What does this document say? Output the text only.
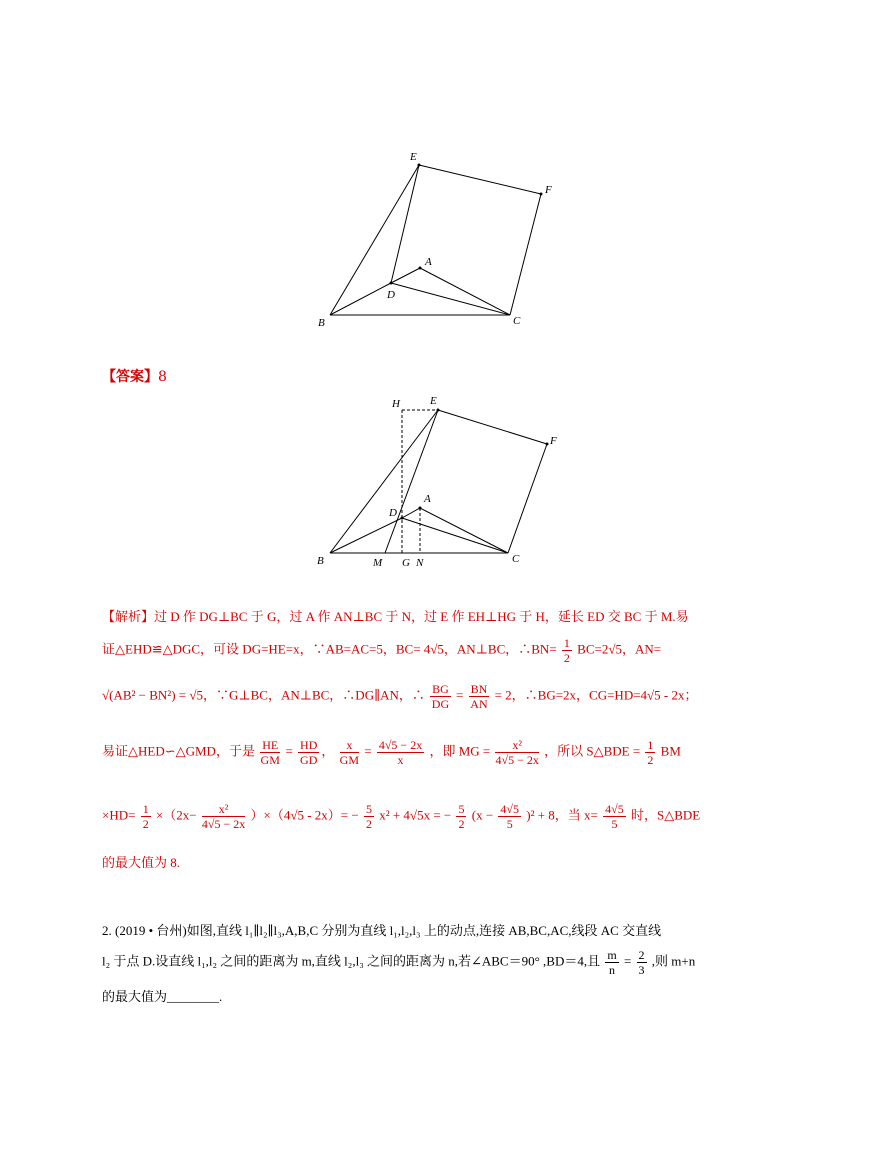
E
F
A
D
B	C
H	E
F
A
D
B	C
M G N
【答案】8
【解析】过 D 作 DG⊥BC 于 G，过 A 作 AN⊥BC 于 N，过 E 作 EH⊥HG 于 H，延长 ED 交 BC 于 M.易
证△EHD≌△DGC，可设 DG=HE=x，∵AB=AC=5，BC= 4√5，AN⊥BC，∴BN= $\frac{1}{2} BC=2√5$，AN=
√(AB² − BN²) = √5，∵G⊥BC，AN⊥BC，∴DG∥AN，∴ $\frac{BG}{DG} = \frac{BN}{AN} = 2$，∴BG=2x，CG=HD=4√5 - 2x；
易证△HED∽△GMD，于是 $\frac{HE}{GM} = \frac{HD}{GD}$ ， $\frac{x}{GM} = \frac{4√5 - 2x}{x}$ ，即 MG = $\frac{\text{x²}}{4√5 - 2x}$ ，所以 S△BDE = $\frac{1}{2}$ BM
$\times HD= \frac{1}{2} \times(2x- \frac{\text{x²}}{4√5 - 2x} )\times(4√5 - 2x)= - \frac{5}{2} x^2 + 4√5x$ = − $\frac{5}{2} (x - \frac{4√5}{5} )^2 + 8$，当 $x= \frac{4√5}{5}$ 时，S△BDE
的最大值为 8.
2. (2019 • 台州)如图,直线 l₁∥l₂∥l₃,A,B,C 分别为直线 l₁,l₂,l₃ 上的动点,连接 AB,BC,AC,线段 AC 交直线
l₂ 于点 D.设直线 l₁,l₂ 之间的距离为 m,直线 l₂,l₃ 之间的距离为 n,若∠ABC＝90° ,BD＝4,且 $\frac{m}{n} = \frac{2}{3}$ ,则 m+n
的最大值为________.
